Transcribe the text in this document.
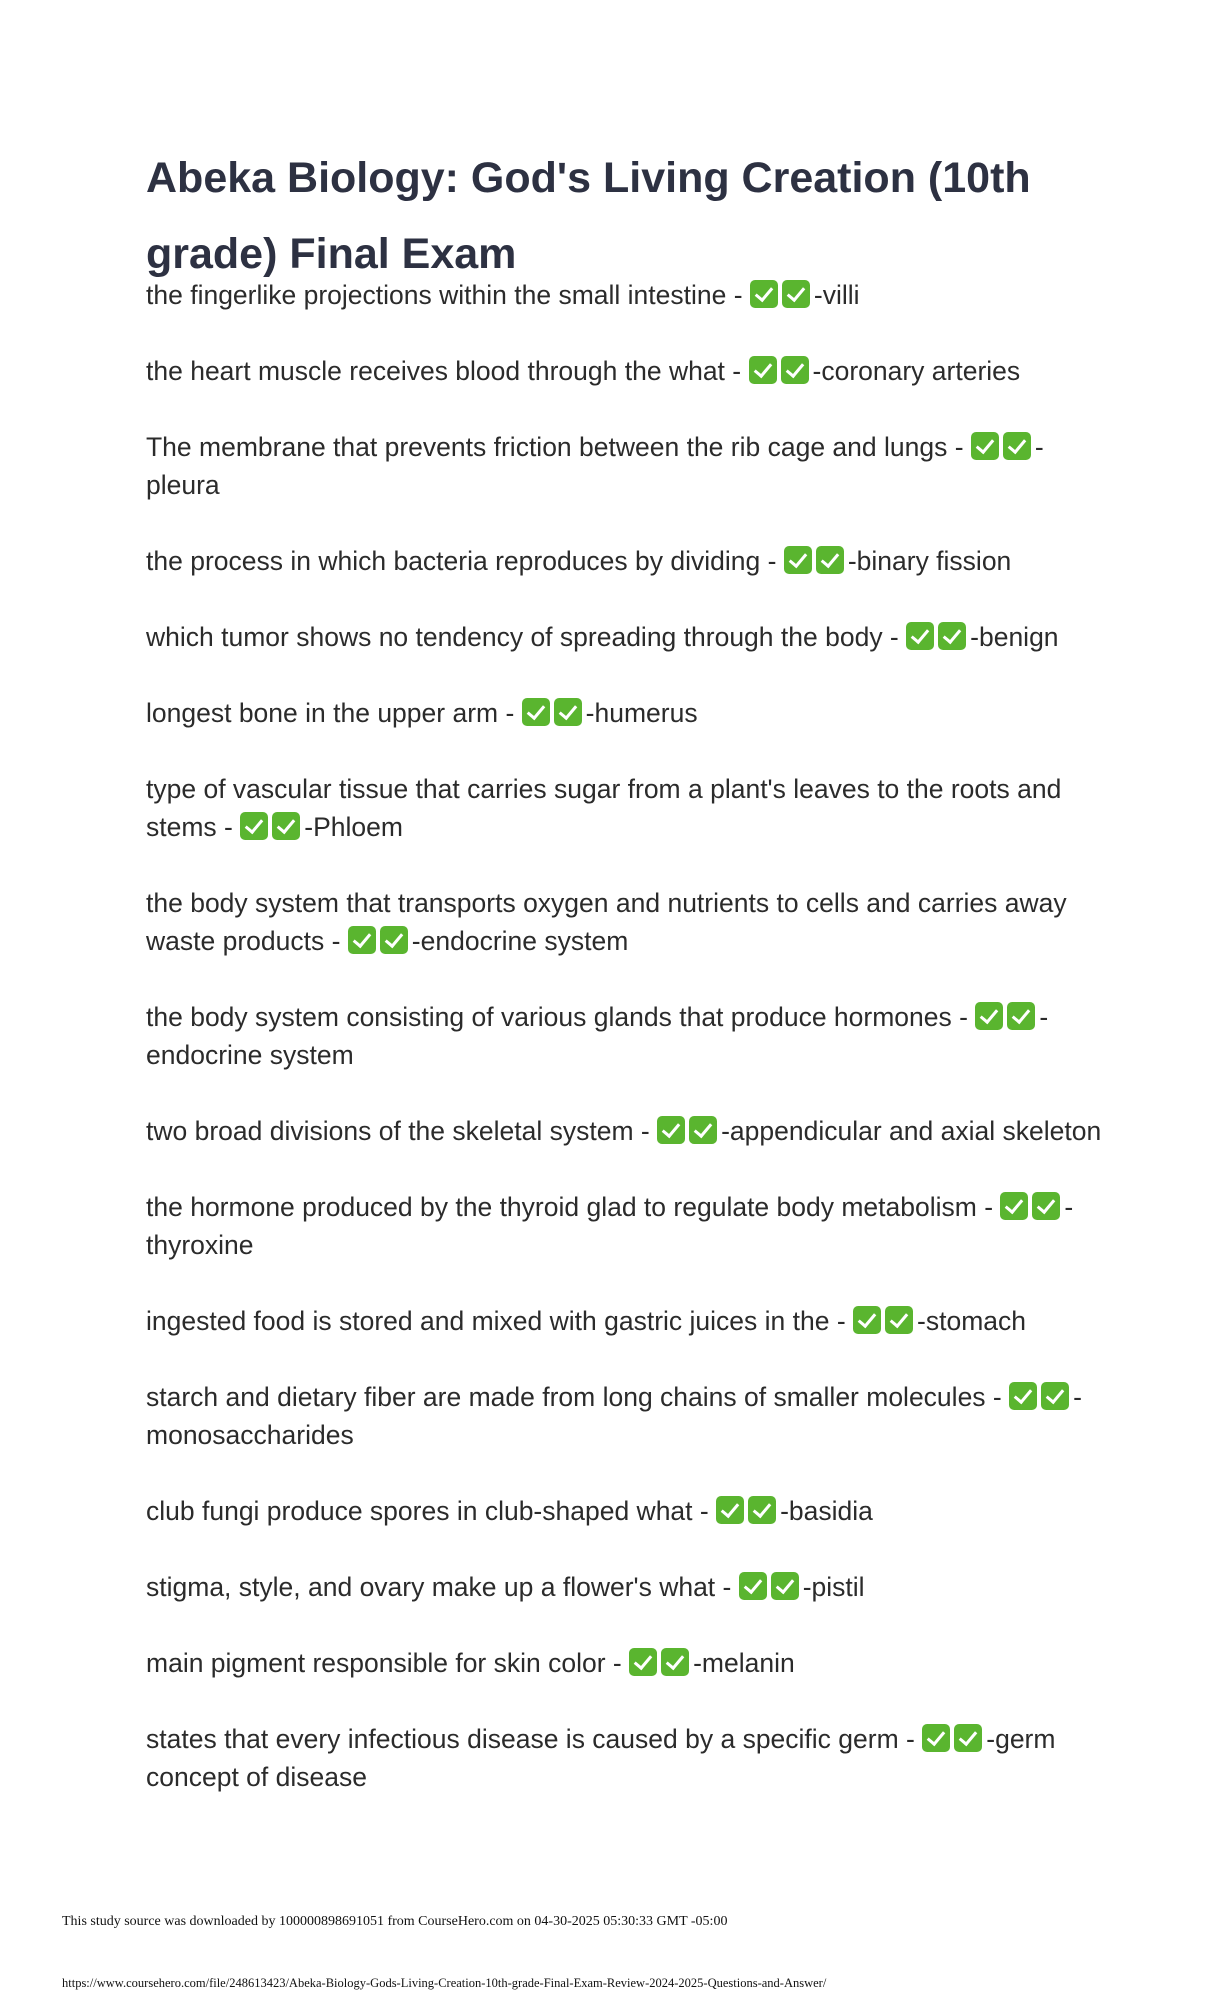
Abeka Biology: God's Living Creation (10th grade) Final Exam
the fingerlike projections within the small intestine -	-villi
the heart muscle receives blood through the what -	-coronary arteries
The membrane that prevents friction between the rib cage and lungs -	-pleura
the process in which bacteria reproduces by dividing -	-binary fission
which tumor shows no tendency of spreading through the body -	-benign
longest bone in the upper arm -	-humerus
type of vascular tissue that carries sugar from a plant's leaves to the roots and stems -	-Phloem
the body system that transports oxygen and nutrients to cells and carries away waste products -	-endocrine system
the body system consisting of various glands that produce hormones -	-endocrine system
two broad divisions of the skeletal system -	-appendicular and axial skeleton
the hormone produced by the thyroid glad to regulate body metabolism -	-thyroxine
ingested food is stored and mixed with gastric juices in the -	-stomach
starch and dietary fiber are made from long chains of smaller molecules -	-monosaccharides
club fungi produce spores in club-shaped what -	-basidia
stigma, style, and ovary make up a flower's what -	-pistil
main pigment responsible for skin color -	-melanin
states that every infectious disease is caused by a specific germ -	-germ concept of disease
This study source was downloaded by 100000898691051 from CourseHero.com on 04-30-2025 05:30:33 GMT -05:00
https://www.coursehero.com/file/248613423/Abeka-Biology-Gods-Living-Creation-10th-grade-Final-Exam-Review-2024-2025-Questions-and-Answer/
